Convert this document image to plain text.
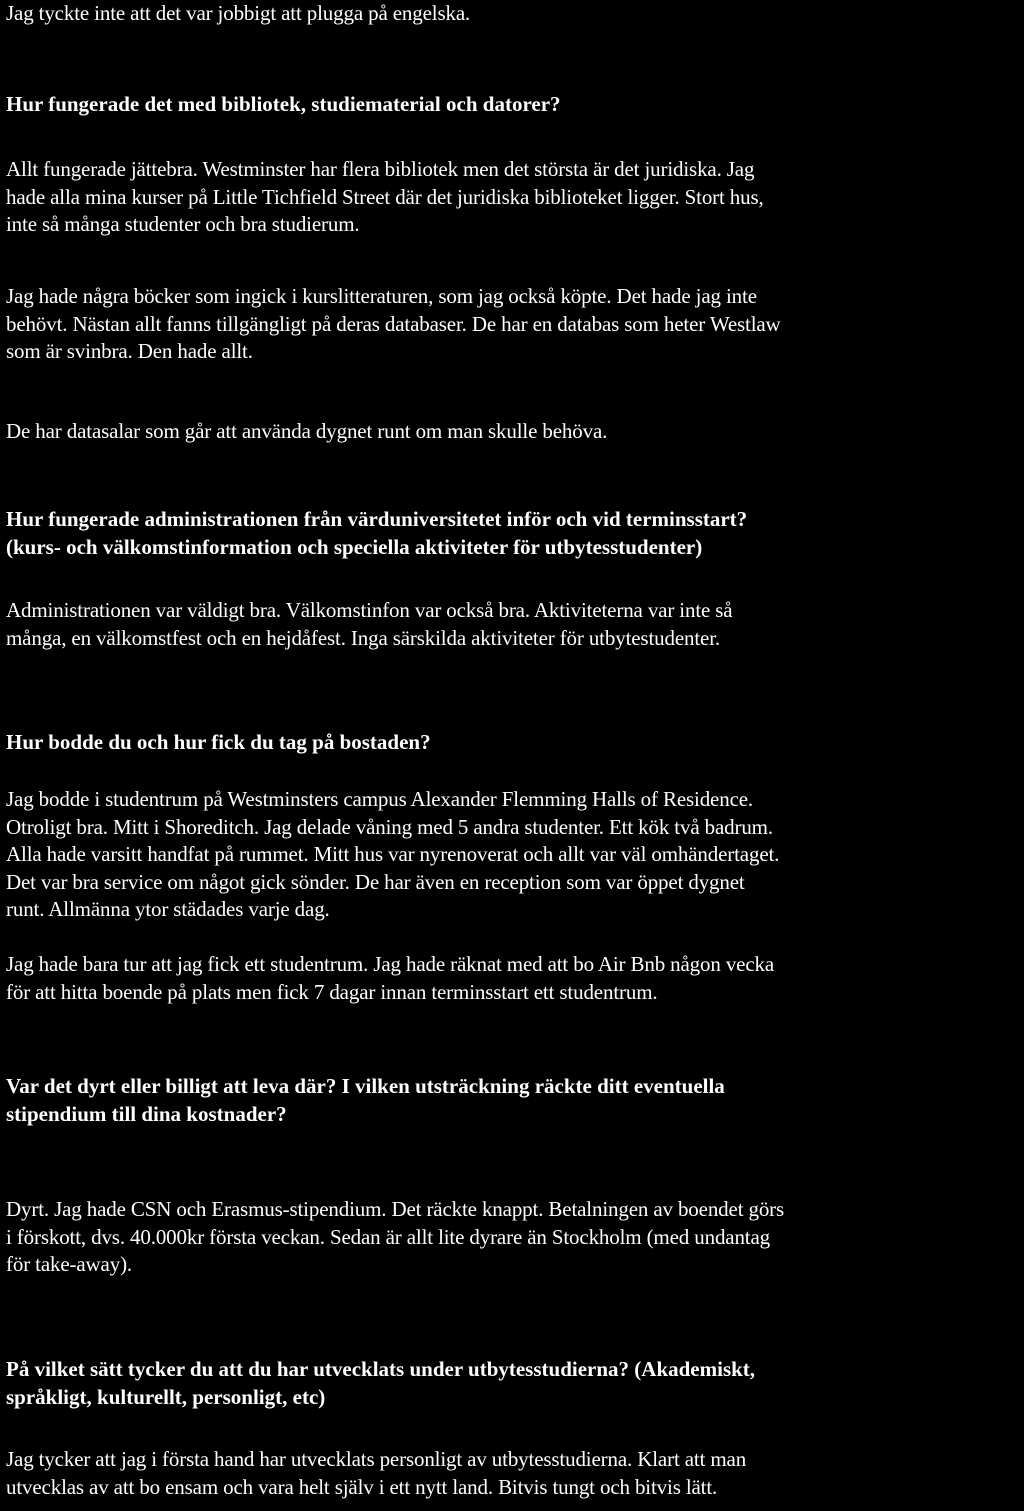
Jag tyckte inte att det var jobbigt att plugga på engelska.

Hur fungerade det med bibliotek, studiematerial och datorer?

Allt fungerade jättebra. Westminster har flera bibliotek men det största är det juridiska. Jag
hade alla mina kurser på Little Tichfield Street där det juridiska biblioteket ligger. Stort hus,
inte så många studenter och bra studierum.

Jag hade några böcker som ingick i kurslitteraturen, som jag också köpte. Det hade jag inte
behövt. Nästan allt fanns tillgängligt på deras databaser. De har en databas som heter Westlaw
som är svinbra. Den hade allt.

De har datasalar som går att använda dygnet runt om man skulle behöva.

Hur fungerade administrationen från värduniversitetet inför och vid terminsstart?
(kurs- och välkomstinformation och speciella aktiviteter för utbytesstudenter)

Administrationen var väldigt bra. Välkomstinfon var också bra. Aktiviteterna var inte så
många, en välkomstfest och en hejdåfest. Inga särskilda aktiviteter för utbytestudenter.

Hur bodde du och hur fick du tag på bostaden?

Jag bodde i studentrum på Westminsters campus Alexander Flemming Halls of Residence.
Otroligt bra. Mitt i Shoreditch. Jag delade våning med 5 andra studenter. Ett kök två badrum.
Alla hade varsitt handfat på rummet. Mitt hus var nyrenoverat och allt var väl omhändertaget.
Det var bra service om något gick sönder. De har även en reception som var öppet dygnet
runt. Allmänna ytor städades varje dag.

Jag hade bara tur att jag fick ett studentrum. Jag hade räknat med att bo Air Bnb någon vecka
för att hitta boende på plats men fick 7 dagar innan terminsstart ett studentrum.

Var det dyrt eller billigt att leva där? I vilken utsträckning räckte ditt eventuella
stipendium till dina kostnader?

Dyrt. Jag hade CSN och Erasmus-stipendium. Det räckte knappt. Betalningen av boendet görs
i förskott, dvs. 40.000kr första veckan. Sedan är allt lite dyrare än Stockholm (med undantag
för take-away).

På vilket sätt tycker du att du har utvecklats under utbytesstudierna? (Akademiskt,
språkligt, kulturellt, personligt, etc)

Jag tycker att jag i första hand har utvecklats personligt av utbytesstudierna. Klart att man
utvecklas av att bo ensam och vara helt själv i ett nytt land. Bitvis tungt och bitvis lätt.
